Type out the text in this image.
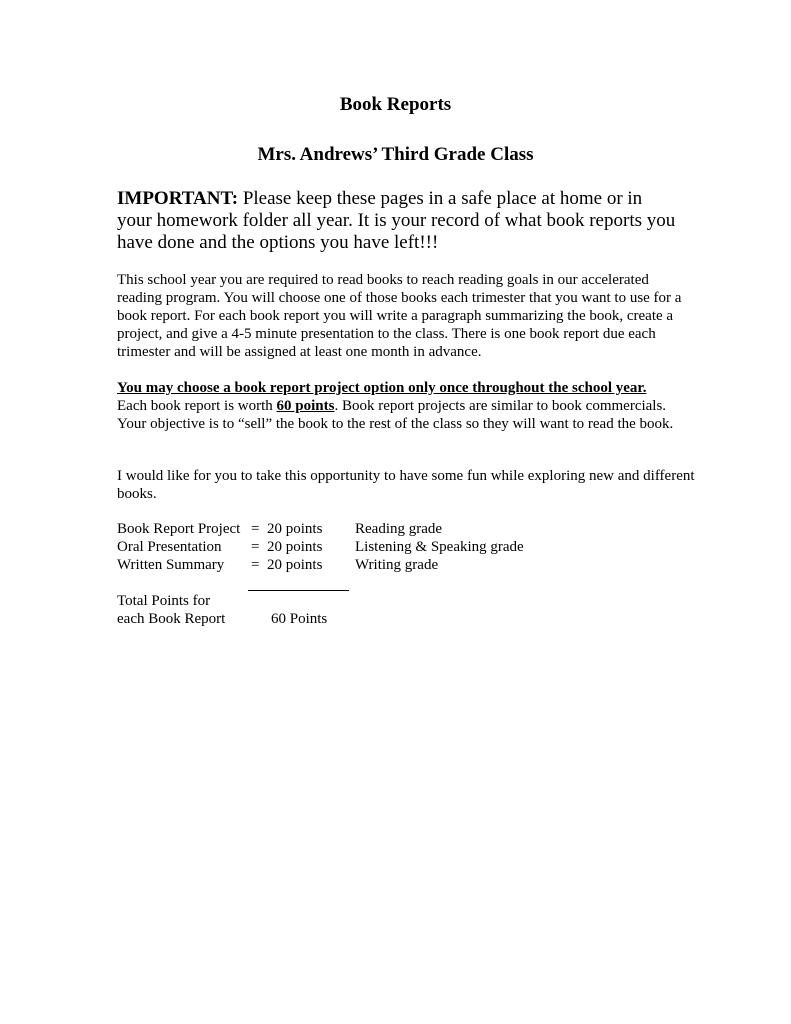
Book Reports
Mrs. Andrews’ Third Grade Class

IMPORTANT: Please keep these pages in a safe place at home or in your homework folder all year. It is your record of what book reports you have done and the options you have left!!!

This school year you are required to read books to reach reading goals in our accelerated reading program. You will choose one of those books each trimester that you want to use for a book report. For each book report you will write a paragraph summarizing the book, create a project, and give a 4-5 minute presentation to the class. There is one book report due each trimester and will be assigned at least one month in advance.

You may choose a book report project option only once throughout the school year.
Each book report is worth 60 points. Book report projects are similar to book commercials. Your objective is to “sell” the book to the rest of the class so they will want to read the book.

I would like for you to take this opportunity to have some fun while exploring new and different books.

Book Report Project	=	20 points	Reading grade
Oral Presentation	=	20 points	Listening & Speaking grade
Written Summary	=	20 points	Writing grade

Total Points for
each Book Report	60 Points
